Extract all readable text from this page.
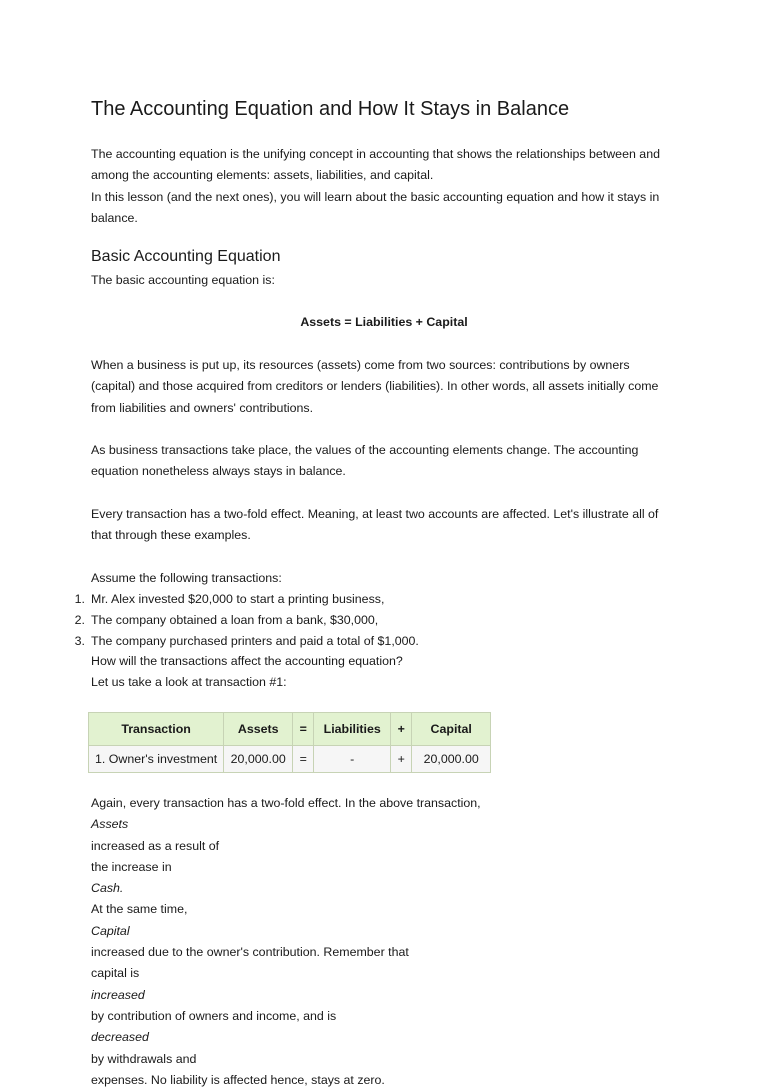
The Accounting Equation and How It Stays in Balance

The accounting equation is the unifying concept in accounting that shows the relationships between and
among the accounting elements: assets, liabilities, and capital.
In this lesson (and the next ones), you will learn about the basic accounting equation and how it stays in
balance.

Basic Accounting Equation

The basic accounting equation is:

Assets = Liabilities + Capital

When a business is put up, its resources (assets) come from two sources: contributions by owners
(capital) and those acquired from creditors or lenders (liabilities). In other words, all assets initially come
from liabilities and owners' contributions.

As business transactions take place, the values of the accounting elements change. The accounting
equation nonetheless always stays in balance.

Every transaction has a two-fold effect. Meaning, at least two accounts are affected. Let's illustrate all of
that through these examples.

Assume the following transactions:

1. Mr. Alex invested $20,000 to start a printing business,
2. The company obtained a loan from a bank, $30,000,
3. The company purchased printers and paid a total of $1,000.

How will the transactions affect the accounting equation?
Let us take a look at transaction #1:

Transaction	Assets	=	Liabilities	+	Capital
1. Owner's investment	20,000.00	=	-	+	20,000.00

Again, every transaction has a two-fold effect. In the above transaction,
Assets
increased as a result of
the increase in
Cash.
At the same time,
Capital
increased due to the owner's contribution. Remember that
capital is
increased
by contribution of owners and income, and is
decreased
by withdrawals and
expenses. No liability is affected hence, stays at zero.
